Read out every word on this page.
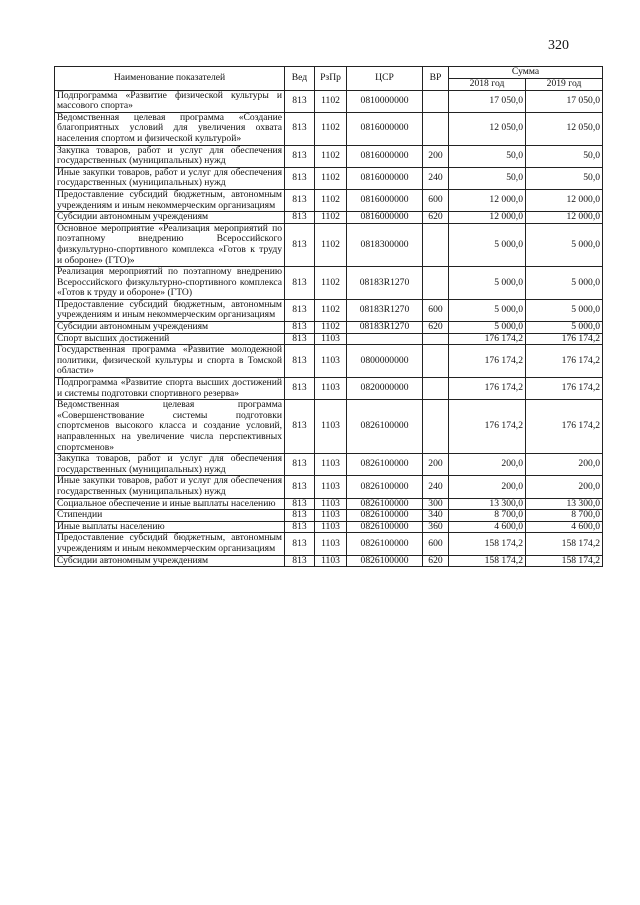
320
Наименование показателей	Вед	РзПр	ЦСР	ВР	Сумма	
					2018 год	2019 год
Подпрограмма «Развитие физической культуры и массового спорта»	813	1102	0810000000		17 050,0	17 050,0
Ведомственная целевая программа «Создание благоприятных условий для увеличения охвата населения спортом и физической культурой»	813	1102	0816000000		12 050,0	12 050,0
Закупка товаров, работ и услуг для обеспечения государственных (муниципальных) нужд	813	1102	0816000000	200	50,0	50,0
Иные закупки товаров, работ и услуг для обеспечения государственных (муниципальных) нужд	813	1102	0816000000	240	50,0	50,0
Предоставление субсидий бюджетным, автономным учреждениям и иным некоммерческим организациям	813	1102	0816000000	600	12 000,0	12 000,0
Субсидии автономным учреждениям	813	1102	0816000000	620	12 000,0	12 000,0
Основное мероприятие «Реализация мероприятий по поэтапному внедрению Всероссийского физкультурно-спортивного комплекса «Готов к труду и обороне» (ГТО)»	813	1102	0818300000		5 000,0	5 000,0
Реализация мероприятий по поэтапному внедрению Всероссийского физкультурно-спортивного комплекса «Готов к труду и обороне» (ГТО)	813	1102	08183R1270		5 000,0	5 000,0
Предоставление субсидий бюджетным, автономным учреждениям и иным некоммерческим организациям	813	1102	08183R1270	600	5 000,0	5 000,0
Субсидии автономным учреждениям	813	1102	08183R1270	620	5 000,0	5 000,0
Спорт высших достижений	813	1103			176 174,2	176 174,2
Государственная программа «Развитие молодежной политики, физической культуры и спорта в Томской области»	813	1103	0800000000		176 174,2	176 174,2
Подпрограмма «Развитие спорта высших достижений и системы подготовки спортивного резерва»	813	1103	0820000000		176 174,2	176 174,2
Ведомственная целевая программа «Совершенствование системы подготовки спортсменов высокого класса и создание условий, направленных на увеличение числа перспективных спортсменов»	813	1103	0826100000		176 174,2	176 174,2
Закупка товаров, работ и услуг для обеспечения государственных (муниципальных) нужд	813	1103	0826100000	200	200,0	200,0
Иные закупки товаров, работ и услуг для обеспечения государственных (муниципальных) нужд	813	1103	0826100000	240	200,0	200,0
Социальное обеспечение и иные выплаты населению	813	1103	0826100000	300	13 300,0	13 300,0
Стипендии	813	1103	0826100000	340	8 700,0	8 700,0
Иные выплаты населению	813	1103	0826100000	360	4 600,0	4 600,0
Предоставление субсидий бюджетным, автономным учреждениям и иным некоммерческим организациям	813	1103	0826100000	600	158 174,2	158 174,2
Субсидии автономным учреждениям	813	1103	0826100000	620	158 174,2	158 174,2
